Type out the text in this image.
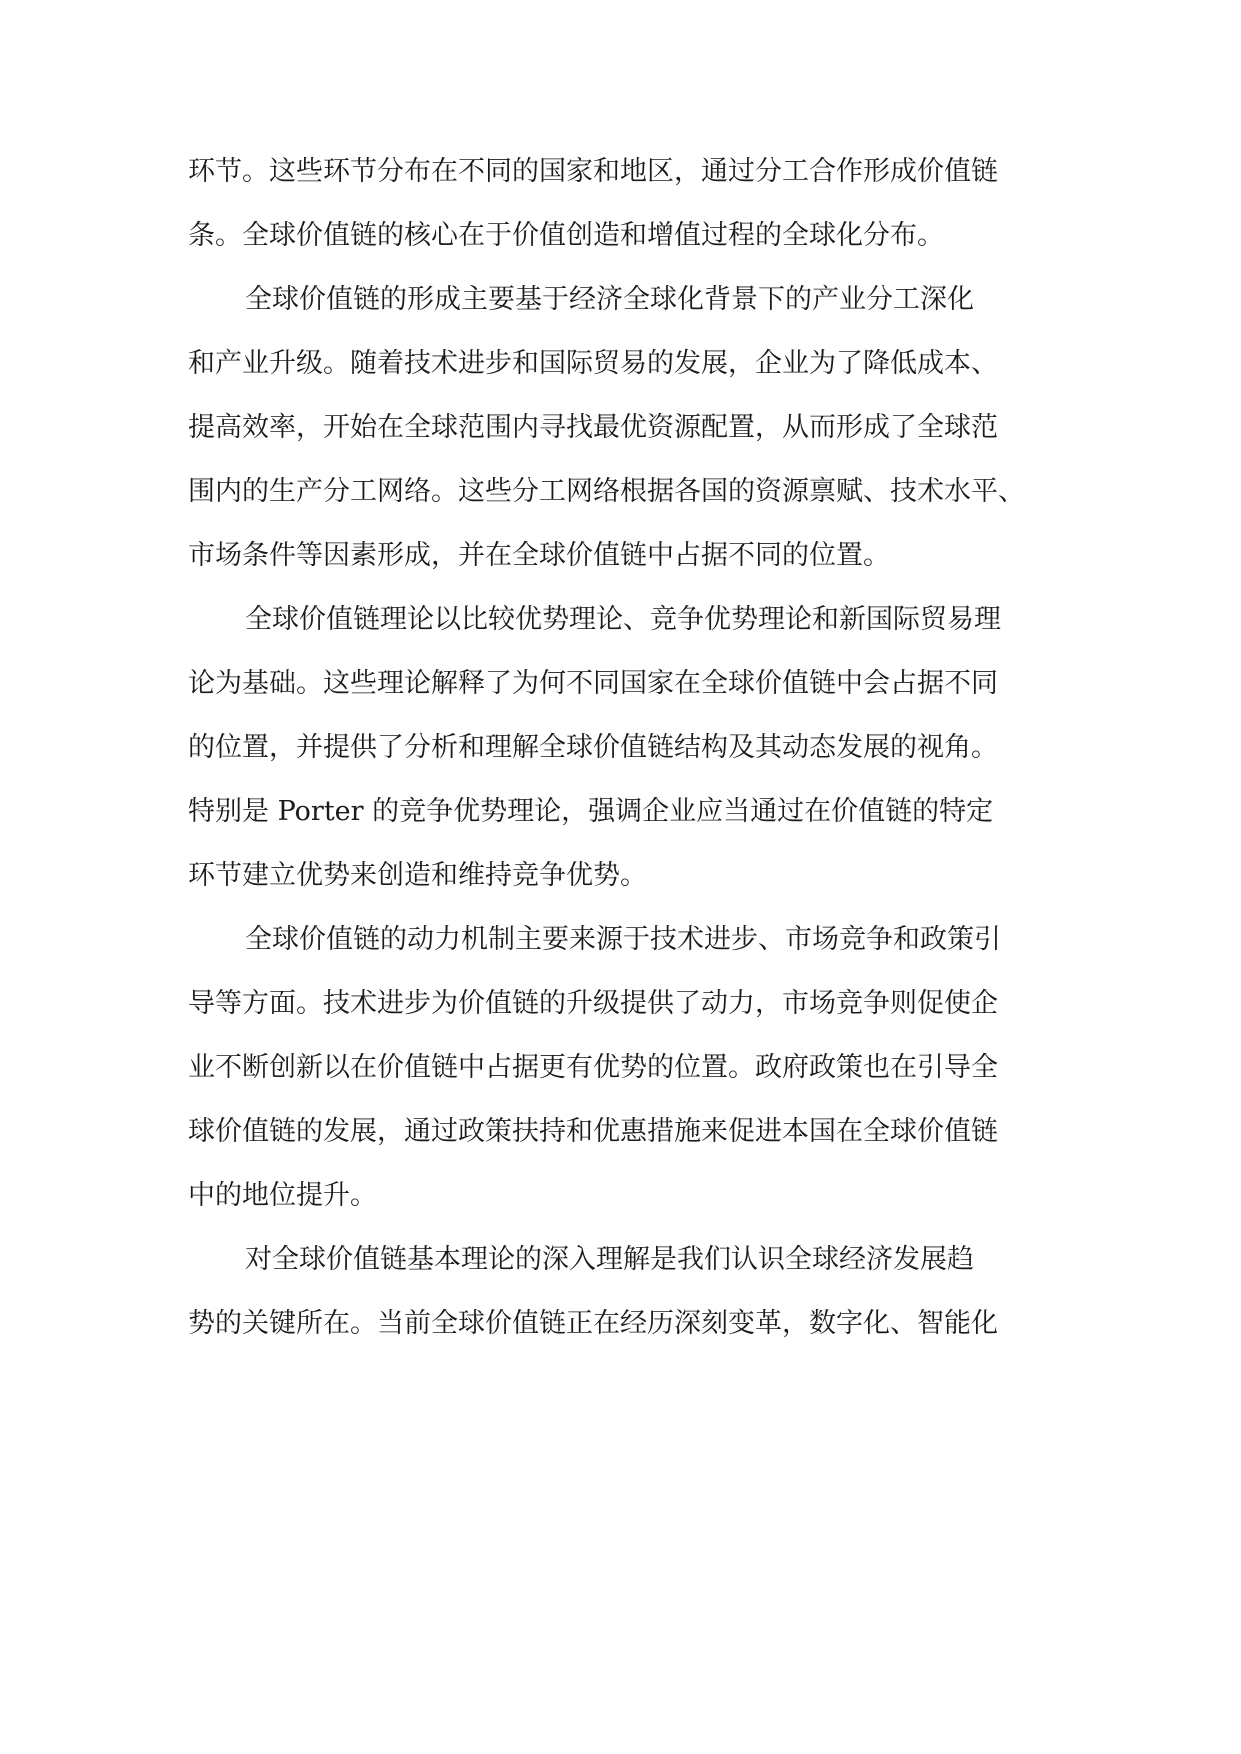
环节。这些环节分布在不同的国家和地区，通过分工合作形成价值链
条。全球价值链的核心在于价值创造和增值过程的全球化分布。
全球价值链的形成主要基于经济全球化背景下的产业分工深化
和产业升级。随着技术进步和国际贸易的发展，企业为了降低成本、
提高效率，开始在全球范围内寻找最优资源配置，从而形成了全球范
围内的生产分工网络。这些分工网络根据各国的资源禀赋、技术水平、
市场条件等因素形成，并在全球价值链中占据不同的位置。
全球价值链理论以比较优势理论、竞争优势理论和新国际贸易理
论为基础。这些理论解释了为何不同国家在全球价值链中会占据不同
的位置，并提供了分析和理解全球价值链结构及其动态发展的视角。
特别是 Porter 的竞争优势理论，强调企业应当通过在价值链的特定
环节建立优势来创造和维持竞争优势。
全球价值链的动力机制主要来源于技术进步、市场竞争和政策引
导等方面。技术进步为价值链的升级提供了动力，市场竞争则促使企
业不断创新以在价值链中占据更有优势的位置。政府政策也在引导全
球价值链的发展，通过政策扶持和优惠措施来促进本国在全球价值链
中的地位提升。
对全球价值链基本理论的深入理解是我们认识全球经济发展趋
势的关键所在。当前全球价值链正在经历深刻变革，数字化、智能化
